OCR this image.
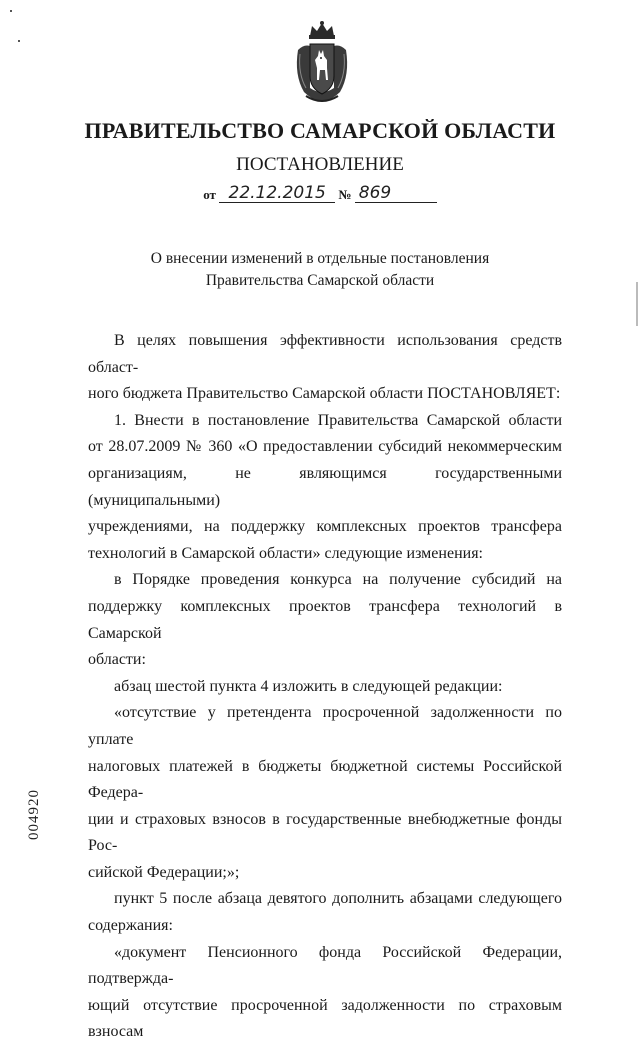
ПРАВИТЕЛЬСТВО САМАРСКОЙ ОБЛАСТИ
ПОСТАНОВЛЕНИЕ
от 22.12.2015 № 869
О внесении изменений в отдельные постановления
Правительства Самарской области

В целях повышения эффективности использования средств област-

ного бюджета Правительство Самарской области ПОСТАНОВЛЯЕТ:

1. Внести в постановление Правительства Самарской области

от 28.07.2009 № 360 «О предоставлении субсидий некоммерческим

организациям, не являющимся государственными (муниципальными)

учреждениями, на поддержку комплексных проектов трансфера

технологий в Самарской области» следующие изменения:

в Порядке проведения конкурса на получение субсидий на

поддержку комплексных проектов трансфера технологий в Самарской

области:

абзац шестой пункта 4 изложить в следующей редакции:

«отсутствие у претендента просроченной задолженности по уплате

налоговых платежей в бюджеты бюджетной системы Российской Федера-

ции и страховых взносов в государственные внебюджетные фонды Рос-

сийской Федерации;»;

пункт 5 после абзаца девятого дополнить абзацами следующего

содержания:

«документ Пенсионного фонда Российской Федерации, подтвержда-

ющий отсутствие просроченной задолженности по страховым взносам

004920
